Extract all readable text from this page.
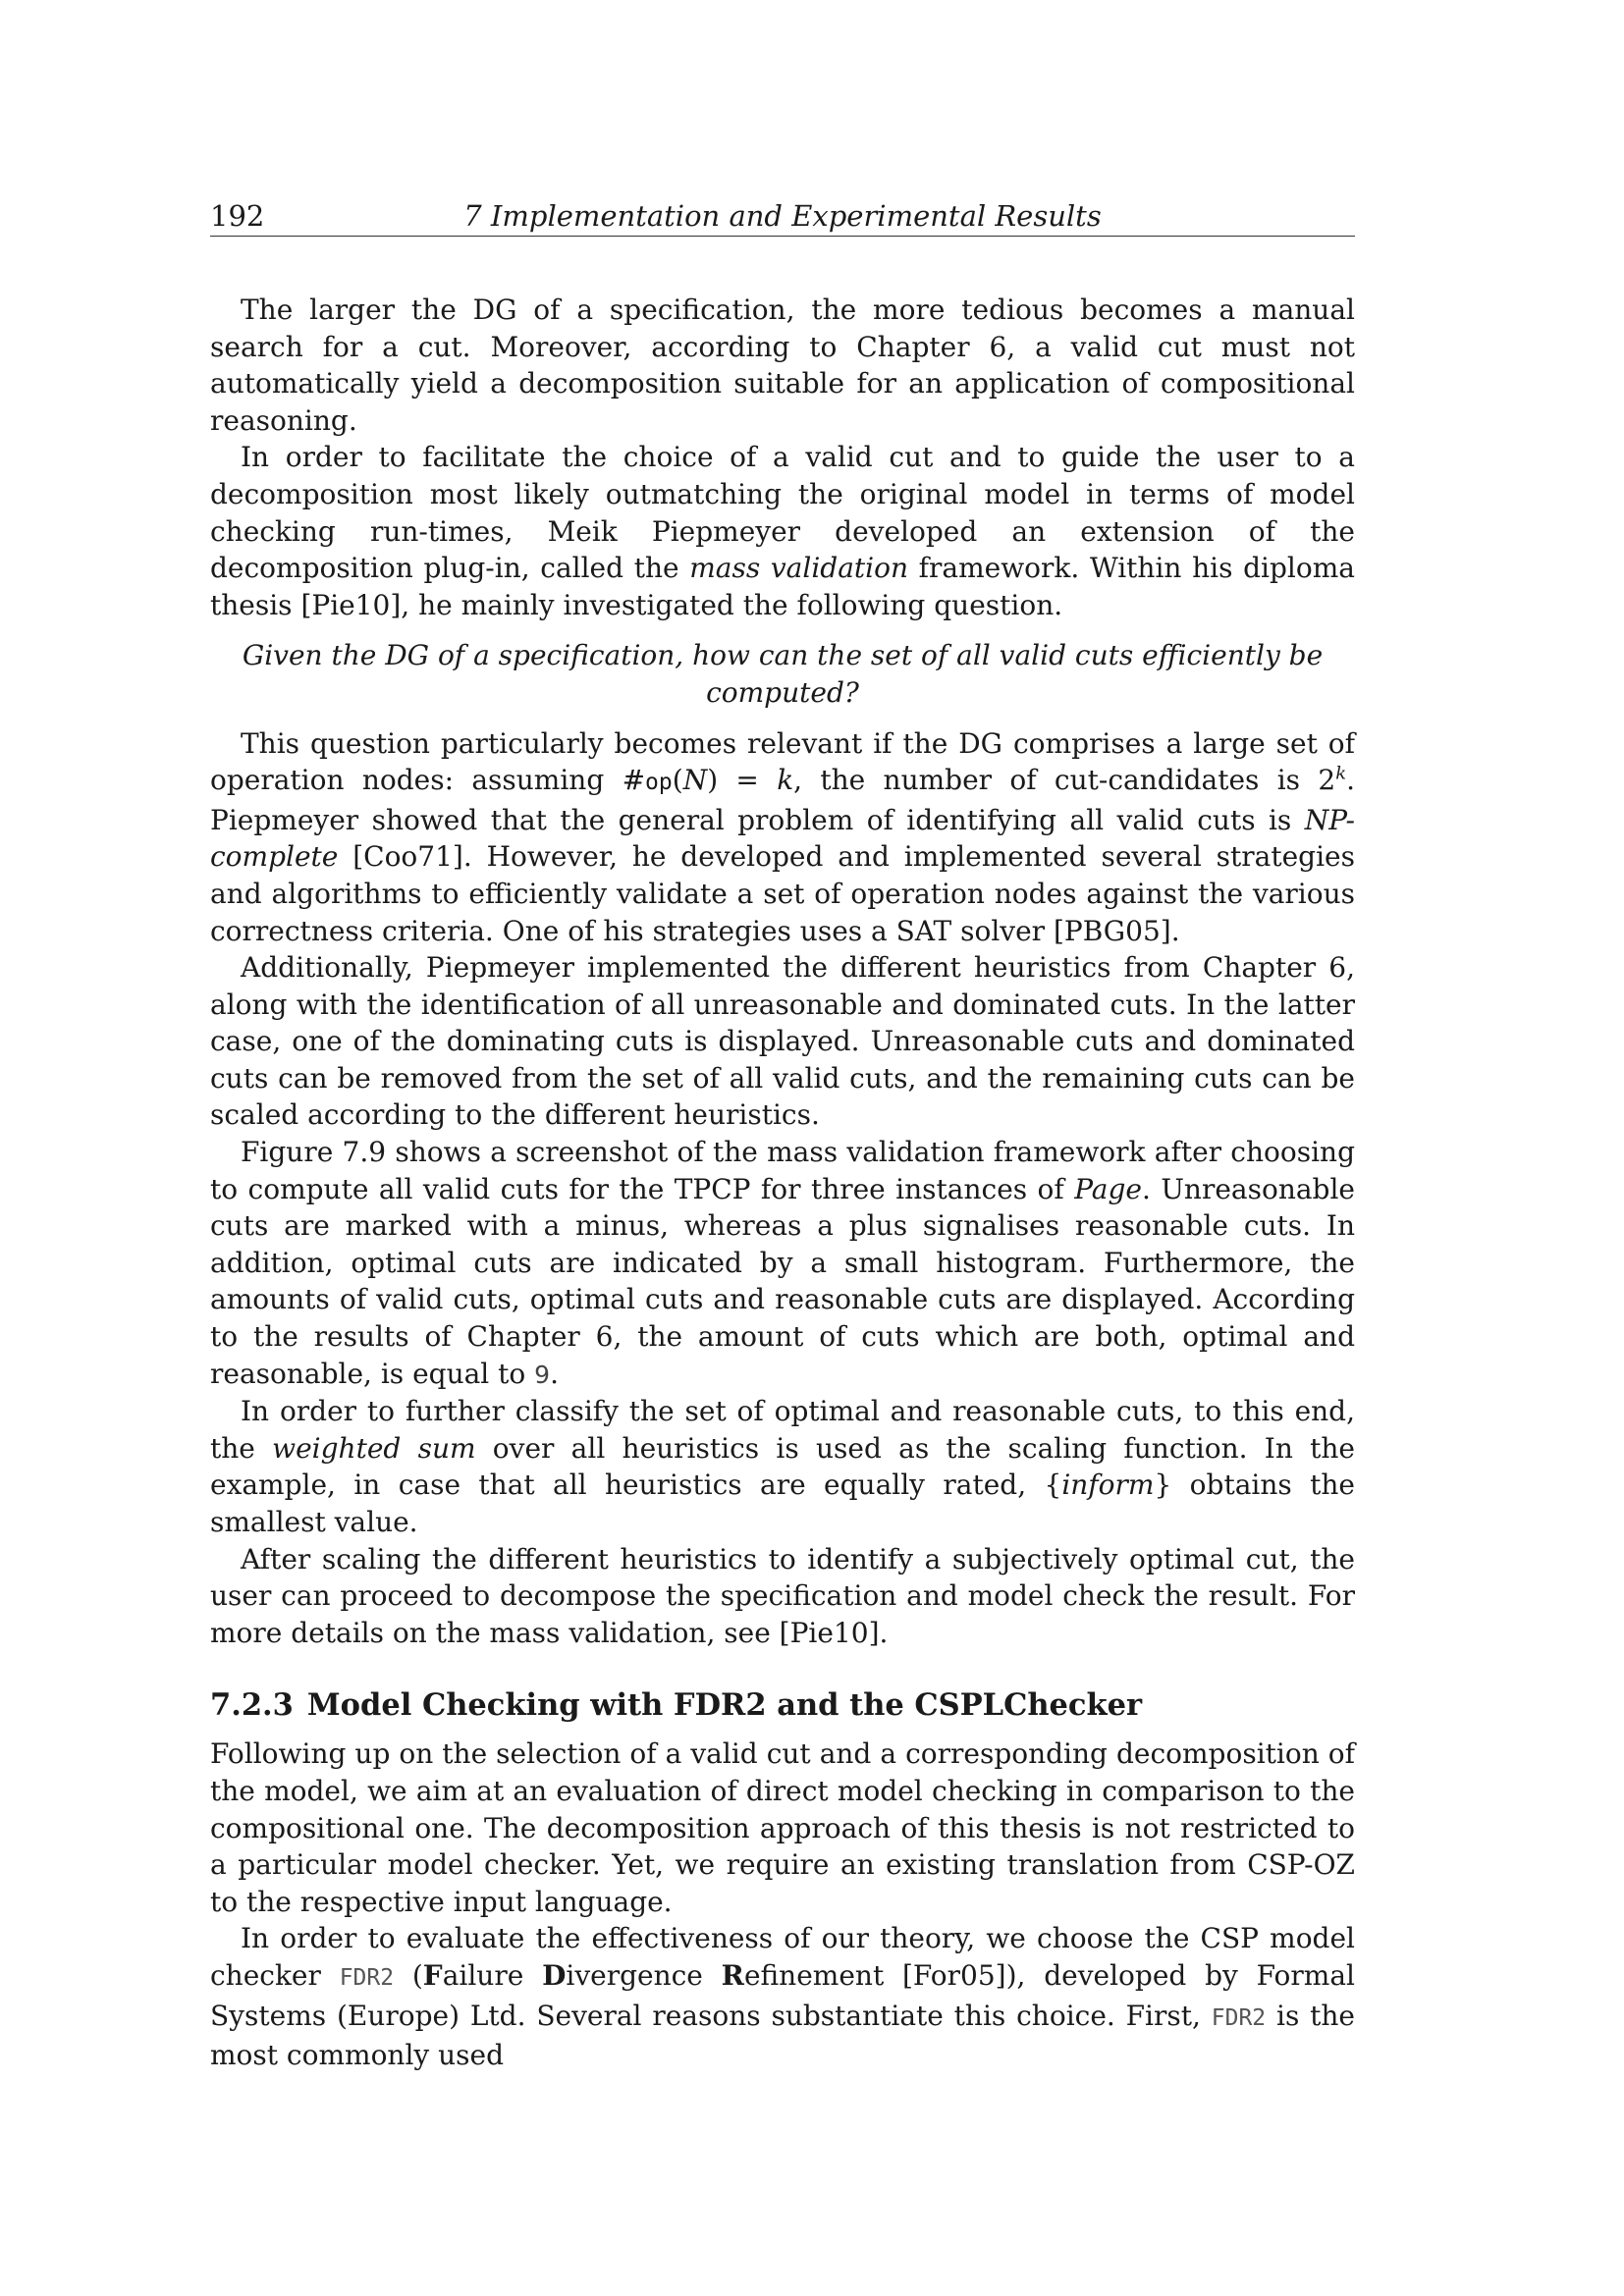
192	7 Implementation and Experimental Results

The larger the DG of a specification, the more tedious becomes a manual search for a cut. Moreover, according to Chapter 6, a valid cut must not automatically yield a decomposition suitable for an application of compositional reasoning.

In order to facilitate the choice of a valid cut and to guide the user to a decomposition most likely outmatching the original model in terms of model checking run-times, Meik Piepmeyer developed an extension of the decomposition plug-in, called the mass validation framework. Within his diploma thesis [Pie10], he mainly investigated the following question.

Given the DG of a specification, how can the set of all valid cuts efficiently be computed?

This question particularly becomes relevant if the DG comprises a large set of operation nodes: assuming #op(N) = k, the number of cut-candidates is 2$^k$. Piepmeyer showed that the general problem of identifying all valid cuts is NP-complete [Coo71]. However, he developed and implemented several strategies and algorithms to efficiently validate a set of operation nodes against the various correctness criteria. One of his strategies uses a SAT solver [PBG05].

Additionally, Piepmeyer implemented the different heuristics from Chapter 6, along with the identification of all unreasonable and dominated cuts. In the latter case, one of the dominating cuts is displayed. Unreasonable cuts and dominated cuts can be removed from the set of all valid cuts, and the remaining cuts can be scaled according to the different heuristics.

Figure 7.9 shows a screenshot of the mass validation framework after choosing to compute all valid cuts for the TPCP for three instances of Page. Unreasonable cuts are marked with a minus, whereas a plus signalises reasonable cuts. In addition, optimal cuts are indicated by a small histogram. Furthermore, the amounts of valid cuts, optimal cuts and reasonable cuts are displayed. According to the results of Chapter 6, the amount of cuts which are both, optimal and reasonable, is equal to 9.

In order to further classify the set of optimal and reasonable cuts, to this end, the weighted sum over all heuristics is used as the scaling function. In the example, in case that all heuristics are equally rated, {inform} obtains the smallest value.

After scaling the different heuristics to identify a subjectively optimal cut, the user can proceed to decompose the specification and model check the result. For more details on the mass validation, see [Pie10].

7.2.3 Model Checking with FDR2 and the CSPLChecker

Following up on the selection of a valid cut and a corresponding decomposition of the model, we aim at an evaluation of direct model checking in comparison to the compositional one. The decomposition approach of this thesis is not restricted to a particular model checker. Yet, we require an existing translation from CSP-OZ to the respective input language.

In order to evaluate the effectiveness of our theory, we choose the CSP model checker FDR2 (Failure Divergence Refinement [For05]), developed by Formal Systems (Europe) Ltd. Several reasons substantiate this choice. First, FDR2 is the most commonly used
